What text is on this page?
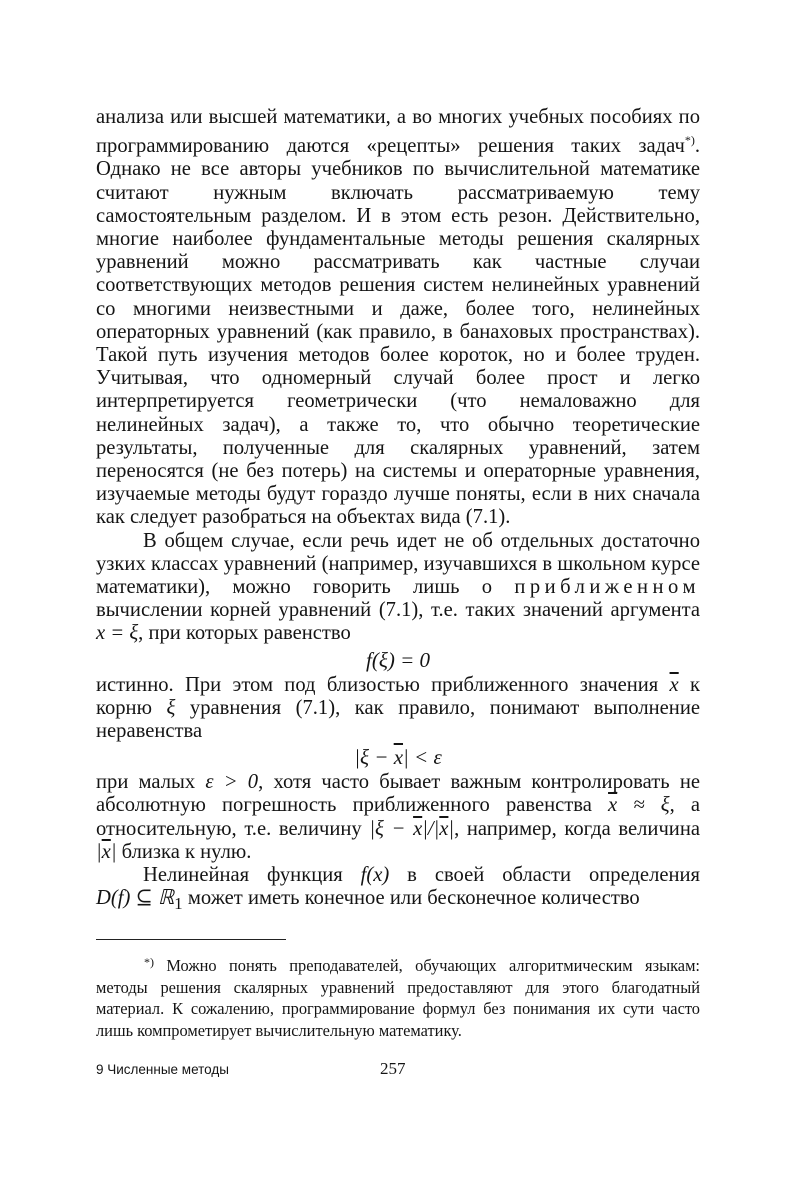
анализа или высшей математики, а во многих учебных пособиях по программированию даются «рецепты» решения таких задач*). Однако не все авторы учебников по вычислительной математике считают нужным включать рассматриваемую тему самостоятельным разделом. И в этом есть резон. Действительно, многие наиболее фундаментальные методы решения скалярных уравнений можно рассматривать как частные случаи соответствующих методов решения систем нелинейных уравнений со многими неизвестными и даже, более того, нелинейных операторных уравнений (как правило, в банаховых пространствах). Такой путь изучения методов более короток, но и более труден. Учитывая, что одномерный случай более прост и легко интерпретируется геометрически (что немаловажно для нелинейных задач), а также то, что обычно теоретические результаты, полученные для скалярных уравнений, затем переносятся (не без потерь) на системы и операторные уравнения, изучаемые методы будут гораздо лучше поняты, если в них сначала как следует разобраться на объектах вида (7.1).

В общем случае, если речь идет не об отдельных достаточно узких классах уравнений (например, изучавшихся в школьном курсе математики), можно говорить лишь о приближенном вычислении корней уравнений (7.1), т.е. таких значений аргумента x = ξ, при которых равенство

f(ξ) = 0

истинно. При этом под близостью приближенного значения $\overline{x}$ к корню ξ уравнения (7.1), как правило, понимают выполнение неравенства

$|\xi - \overline{x}| < \varepsilon$

при малых ε > 0, хотя часто бывает важным контролировать не абсолютную погрешность приближенного равенства $\overline{x} \approx \xi$, а относительную, т.е. величину $|\xi - \overline{x}|/|\overline{x}|$, например, когда величина $|\overline{x}|$ близка к нулю.

Нелинейная функция f(x) в своей области определения D(f) ⊆ ℝ$_1$ может иметь конечное или бесконечное количество

*) Можно понять преподавателей, обучающих алгоритмическим языкам: методы решения скалярных уравнений предоставляют для этого благодатный материал. К сожалению, программирование формул без понимания их сути часто лишь компрометирует вычислительную математику.

9 Численные методы	257
